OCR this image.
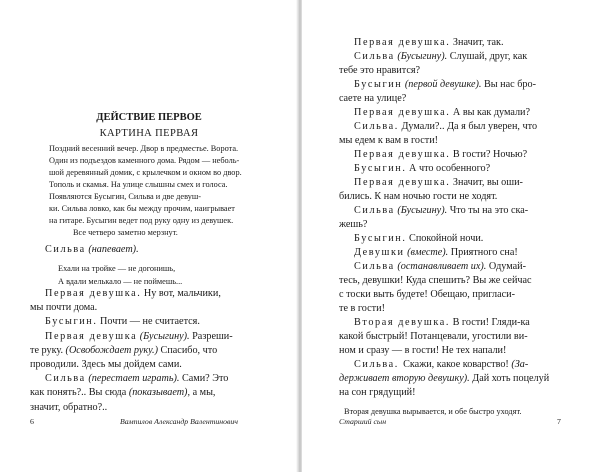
ДЕЙСТВИЕ ПЕРВОЕ
КАРТИНА ПЕРВАЯ
Поздний весенний вечер. Двор в предместье. Ворота.
Один из подъездов каменного дома. Рядом — неболь-
шой деревянный домик, с крылечком и окном во двор.
Тополь и скамья. На улице слышны смех и голоса.
Появляются Бусыгин, Сильва и две девуш-
ки. Сильва ловко, как бы между прочим, наигрывает
на гитаре. Бусыгин ведет под руку одну из девушек.
Все четверо заметно мерзнут.
Сильва (напевает).
Ехали на тройке — не догонишь,
А вдали мелькало — не поймешь...
Первая девушка. Ну вот, мальчики,
мы почти дома.
Бусыгин. Почти — не считается.
Первая девушка (Бусыгину). Разреши-
те руку. (Освобождает руку.) Спасибо, что
проводили. Здесь мы дойдем сами.
Сильва (перестает играть). Сами? Это
6	Вампилов Александр Валентинович
Первая девушка. Значит, так.
Сильва (Бусыгину). Слушай, друг, как
тебе это нравится?
Бусыгин (первой девушке). Вы нас бро-
сaете на улице?
Первая девушка. А вы как думали?
Сильва. Думали?.. Да я был уверен, что
мы едем к вам в гости!
Первая девушка. В гости? Ночью?
Бусыгин. А что особенного?
Первая девушка. Значит, вы оши-
бились. К нам ночью гости не ходят.
Сильва (Бусыгину). Что ты на это ска-
жешь?
Бусыгин. Спокойной ночи.
Девушки (вместе). Приятного сна!
Сильва (останавливает их). Одумай-
тесь, девушки! Куда спешить? Вы же сейчас
с тоски выть будете! Обещаю, пригласи-
те в гости!
Вторая девушка. В гости! Гляди-ка
какой быстрый! Потанцевали, угостили ви-
ном и сразу — в гости! Не тех напали!
Старший сын	7
как понять?.. Вы сюда (показывает), а мы,
значит, обратно?..
Сильва. Скажи, какое коварство! (За-
держивает вторую девушку). Дай хоть поцелуй
на сон грядущий!
Вторая девушка вырывается, и обе быстро уходят.
